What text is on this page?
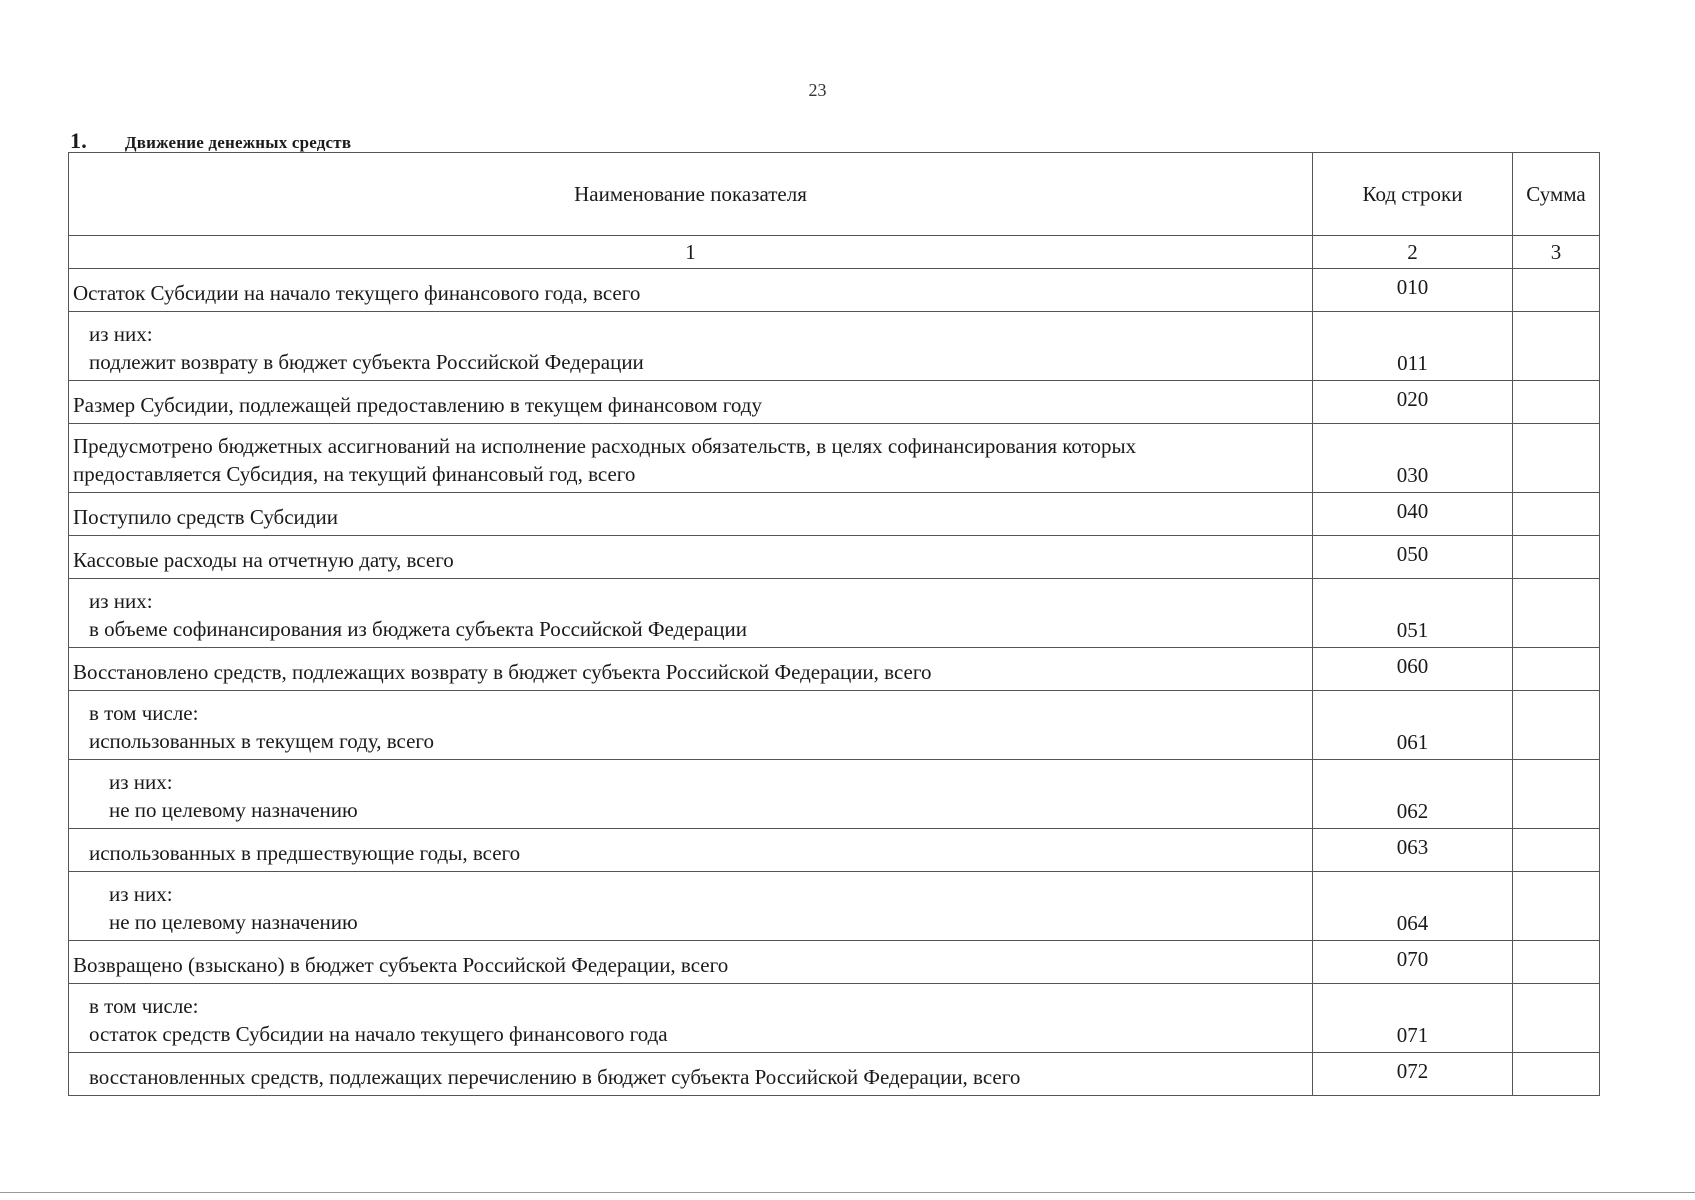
23
1. Движение денежных средств
Наименование показателя	Код строки	Сумма
1	2	3

Остаток Субсидии на начало текущего финансового года, всего	010	

из них:
подлежит возврату в бюджет субъекта Российской Федерации	011	

Размер Субсидии, подлежащей предоставлению в текущем финансовом году	020	

Предусмотрено бюджетных ассигнований на исполнение расходных обязательств, в целях софинансирования которых
предоставляется Субсидия, на текущий финансовый год, всего	030	

Поступило средств Субсидии	040	

Кассовые расходы на отчетную дату, всего	050	

из них:
в объеме софинансирования из бюджета субъекта Российской Федерации	051	

Восстановлено средств, подлежащих возврату в бюджет субъекта Российской Федерации, всего	060	

в том числе:
использованных в текущем году, всего	061	

из них:
не по целевому назначению	062	

использованных в предшествующие годы, всего	063	

из них:
не по целевому назначению	064	

Возвращено (взыскано) в бюджет субъекта Российской Федерации, всего	070	

в том числе:
остаток средств Субсидии на начало текущего финансового года	071	

восстановленных средств, подлежащих перечислению в бюджет субъекта Российской Федерации, всего	072	
